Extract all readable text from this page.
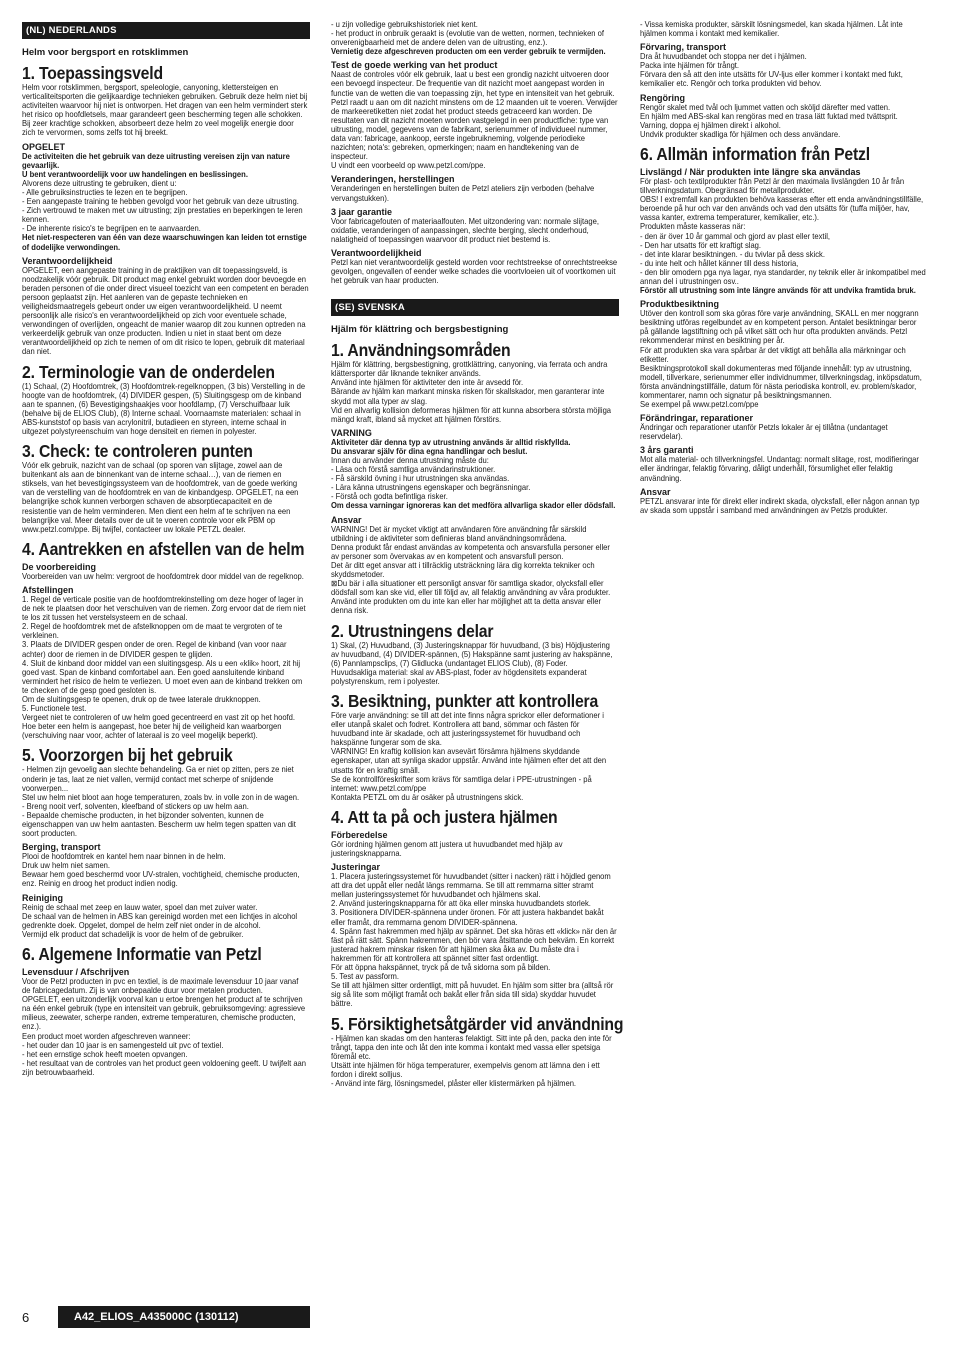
(NL) NEDERLANDS
Helm voor bergsport en rotsklimmen
1. Toepassingsveld

Helm voor rotsklimmen, bergsport, speleologie, canyoning, klettersteigen en verticaliteitsporten die gelijkaardige technieken gebruiken. Gebruik deze helm niet bij activiteiten waarvoor hij niet is ontworpen. Het dragen van een helm vermindert sterk het risico op hoofdletsels, maar garandeert geen bescherming tegen alle schokken. Bij zeer krachtige schokken, absorbeert deze helm zo veel mogelijk energie door zich te vervormen, soms zelfs tot hij breekt.

OPGELET

De activiteiten die het gebruik van deze uitrusting vereisen zijn van nature gevaarlijk.

U bent verantwoordelijk voor uw handelingen en beslissingen.

Alvorens deze uitrusting te gebruiken, dient u:
- Alle gebruiksinstructies te lezen en te begrijpen.
- Een aangepaste training te hebben gevolgd voor het gebruik van deze uitrusting.
- Zich vertrouwd te maken met uw uitrusting; zijn prestaties en beperkingen te leren kennen.
- De inherente risico's te begrijpen en te aanvaarden.

Het niet-respecteren van één van deze waarschuwingen kan leiden tot ernstige of dodelijke verwondingen.

Verantwoordelijkheid

OPGELET, een aangepaste training in de praktijken van dit toepassingsveld, is noodzakelijk vóór gebruik. Dit product mag enkel gebruikt worden door bevoegde en beraden personen of die onder direct visueel toezicht van een competent en beraden persoon geplaatst zijn. Het aanleren van de gepaste technieken en veiligheidsmaatregels gebeurt onder uw eigen verantwoordelijkheid. U neemt persoonlijk alle risico's en verantwoordelijkheid op zich voor eventuele schade, verwondingen of overlijden, ongeacht de manier waarop dit zou kunnen optreden na verkeerdelijk gebruik van onze producten. Indien u niet in staat bent om deze verantwoordelijkheid op zich te nemen of om dit risico te lopen, gebruik dit materiaal dan niet.

2. Terminologie van de onderdelen

(1) Schaal, (2) Hoofdomtrek, (3) Hoofdomtrek-regelknoppen, (3 bis) Verstelling in de hoogte van de hoofdomtrek, (4) DIVIDER gespen, (5) Sluitingsgesp om de kinband aan te spannen, (6) Bevestigingshaakjes voor hoofdlamp, (7) Verschuifbaar luik (behalve bij de ELIOS Club), (8) Interne schaal. Voornaamste materialen: schaal in ABS-kunststof op basis van acrylonitril, butadieen en styreen, interne schaal in uitgezet polystyreenschuim van hoge densiteit en riemen in polyester.

3. Check: te controleren punten

Vóór elk gebruik, nazicht van de schaal (op sporen van slijtage, zowel aan de buitenkant als aan de binnenkant van de interne schaal…), van de riemen en stiksels, van het bevestigingssysteem van de hoofdomtrek, van de goede werking van de verstelling van de hoofdomtrek en van de kinbandgesp. OPGELET, na een belangrijke schok kunnen verborgen schaven de absorptiecapaciteit en de resistentie van de helm verminderen. Men dient een helm af te schrijven na een belangrijke val. Meer details over de uit te voeren controle voor elk PBM op www.petzl.com/ppe. Bij twijfel, contacteer uw lokale PETZL dealer.

4. Aantrekken en afstellen van de helm
De voorbereiding

Voorbereiden van uw helm: vergroot de hoofdomtrek door middel van de regelknop.

Afstellingen

1. Regel de verticale positie van de hoofdomtrekinstelling om deze hoger of lager in de nek te plaatsen door het verschuiven van de riemen. Zorg ervoor dat de riem niet te los zit tussen het verstelsysteem en de schaal.
2. Regel de hoofdomtrek met de afstelknoppen om de maat te vergroten of te verkleinen.
3. Plaats de DIVIDER gespen onder de oren. Regel de kinband (van voor naar achter) door de riemen in de DIVIDER gespen te glijden.
4. Sluit de kinband door middel van een sluitingsgesp. Als u een «klik» hoort, zit hij goed vast. Span de kinband comfortabel aan. Een goed aansluitende kinband vermindert het risico de helm te verliezen. U moet even aan de kinband trekken om te checken of de gesp goed gesloten is.
Om de sluitingsgesp te openen, druk op de twee laterale drukknoppen.
5. Functionele test.
Vergeet niet te controleren of uw helm goed gecentreerd en vast zit op het hoofd. Hoe beter een helm is aangepast, hoe beter hij de veiligheid kan waarborgen (verschuiving naar voor, achter of lateraal is zo veel mogelijk beperkt).

5. Voorzorgen bij het gebruik

- Helmen zijn gevoelig aan slechte behandeling. Ga er niet op zitten, pers ze niet onderin je tas, laat ze niet vallen, vermijd contact met scherpe of snijdende voorwerpen...
Stel uw helm niet bloot aan hoge temperaturen, zoals bv. in volle zon in de wagen.
- Breng nooit verf, solventen, kleefband of stickers op uw helm aan.
- Bepaalde chemische producten, in het bijzonder solventen, kunnen de eigenschappen van uw helm aantasten. Bescherm uw helm tegen spatten van dit soort producten.

Berging, transport

Plooi de hoofdomtrek en kantel hem naar binnen in de helm.
Druk uw helm niet samen.
Bewaar hem goed beschermd voor UV-stralen, vochtigheid, chemische producten, enz. Reinig en droog het product indien nodig.

Reiniging

Reinig de schaal met zeep en lauw water, spoel dan met zuiver water.
De schaal van de helmen in ABS kan gereinigd worden met een lichtjes in alcohol gedrenkte doek. Opgelet, dompel de helm zelf niet onder in de alcohol.
Vermijd elk product dat schadelijk is voor de helm of de gebruiker.

6. Algemene Informatie van Petzl
Levensduur / Afschrijven

Voor de Petzl producten in pvc en textiel, is de maximale levensduur 10 jaar vanaf de fabricagedatum. Zij is van onbepaalde duur voor metalen producten.
OPGELET, een uitzonderlijk voorval kan u ertoe brengen het product af te schrijven na één enkel gebruik (type en intensiteit van gebruik, gebruiksomgeving: agressieve milieus, zeewater, scherpe randen, extreme temperaturen, chemische producten, enz.).
Een product moet worden afgeschreven wanneer:
- het ouder dan 10 jaar is en samengesteld uit pvc of textiel.
- het een ernstige schok heeft moeten opvangen.
- het resultaat van de controles van het product geen voldoening geeft. U twijfelt aan zijn betrouwbaarheid.

- u zijn volledige gebruikshistoriek niet kent.
- het product in onbruik geraakt is (evolutie van de wetten, normen, technieken of onverenigbaarheid met de andere delen van de uitrusting, enz.).

Vernietig deze afgeschreven producten om een verder gebruik te vermijden.

Test de goede werking van het product

Naast de controles vóór elk gebruik, laat u best een grondig nazicht uitvoeren door een bevoegd inspecteur. De frequentie van dit nazicht moet aangepast worden in functie van de wetten die van toepassing zijn, het type en intensiteit van het gebruik. Petzl raadt u aan om dit nazicht minstens om de 12 maanden uit te voeren. Verwijder de markeeretiketten niet zodat het product steeds getraceerd kan worden. De resultaten van dit nazicht moeten worden vastgelegd in een productfiche: type van uitrusting, model, gegevens van de fabrikant, serienummer of individueel nummer, data van: fabricage, aankoop, eerste ingebruikneming, volgende periodieke nazichten; nota's: gebreken, opmerkingen; naam en handtekening van de inspecteur.
U vindt een voorbeeld op www.petzl.com/ppe.

Veranderingen, herstellingen

Veranderingen en herstellingen buiten de Petzl ateliers zijn verboden (behalve vervangstukken).

3 jaar garantie

Voor fabricagefouten of materiaalfouten. Met uitzondering van: normale slijtage, oxidatie, veranderingen of aanpassingen, slechte berging, slecht onderhoud, nalatigheid of toepassingen waarvoor dit product niet bestemd is.

Verantwoordelijkheid

Petzl kan niet verantwoordelijk gesteld worden voor rechtstreekse of onrechtstreekse gevolgen, ongevallen of eender welke schades die voortvloeien uit of voortkomen uit het gebruik van haar producten.

(SE) SVENSKA
Hjälm för klättring och bergsbestigning
1. Användningsområden

Hjälm för klättring, bergsbestigning, grottklättring, canyoning, via ferrata och andra klättersporter där liknande tekniker används.
Använd inte hjälmen för aktiviteter den inte är avsedd för.
Bärande av hjälm kan markant minska risken för skallskador, men garanterar inte skydd mot alla typer av slag.
Vid en allvarlig kollision deformeras hjälmen för att kunna absorbera största möjliga mängd kraft, ibland så mycket att hjälmen förstörs.

VARNING

Aktiviteter där denna typ av utrustning används är alltid riskfyllda.
Du ansvarar själv för dina egna handlingar och beslut.

Innan du använder denna utrustning måste du:
- Läsa och förstå samtliga användarinstruktioner.
- Få särskild övning i hur utrustningen ska användas.
- Lära känna utrustningens egenskaper och begränsningar.
- Förstå och godta befintliga risker.

Om dessa varningar ignoreras kan det medföra allvarliga skador eller dödsfall.

Ansvar

VARNING! Det är mycket viktigt att användaren före användning får särskild utbildning i de aktiviteter som definieras bland användningsområdena.
Denna produkt får endast användas av kompetenta och ansvarsfulla personer eller av personer som övervakas av en kompetent och ansvarsfull person.
Det är ditt eget ansvar att i tillräcklig utsträckning lära dig korrekta tekniker och skyddsmetoder.
⊠Du bär i alla situationer ett personligt ansvar för samtliga skador, olycksfall eller dödsfall som kan ske vid, eller till följd av, all felaktig användning av våra produkter. Använd inte produkten om du inte kan eller har möjlighet att ta detta ansvar eller denna risk.

2. Utrustningens delar

1) Skal, (2) Huvudband, (3) Justeringsknappar för huvudband, (3 bis) Höjdjustering av huvudband, (4) DIVIDER-spännen, (5) Hakspänne samt justering av hakspänne, (6) Pannlampsclips, (7) Glidlucka (undantaget ELIOS Club), (8) Foder.
Huvudsakliga material: skal av ABS-plast, foder av högdensitets expanderat polystyrenskum, rem i polyester.

3. Besiktning, punkter att kontrollera

Före varje användning: se till att det inte finns några sprickor eller deformationer i eller utanpå skalet och fodret. Kontrollera att band, sömmar och fästen för huvudband inte är skadade, och att justeringssystemet för huvudband och hakspänne fungerar som de ska.
VARNING! En kraftig kollision kan avsevärt försämra hjälmens skyddande egenskaper, utan att synliga skador uppstår. Använd inte hjälmen efter det att den utsatts för en kraftig smäll.
Se de kontrollföreskrifter som krävs för samtliga delar i PPE-utrustningen - på internet: www.petzl.com/ppe
Kontakta PETZL om du är osäker på utrustningens skick.

4. Att ta på och justera hjälmen
Förberedelse

Gör iordning hjälmen genom att justera ut huvudbandet med hjälp av justeringsknapparna.

Justeringar

1. Placera justeringssystemet för huvudbandet (sitter i nacken) rätt i höjdled genom att dra det uppåt eller nedåt längs remmarna. Se till att remmarna sitter stramt mellan justeringssystemet för huvudbandet och hjälmens skal.
2. Använd justeringsknapparna för att öka eller minska huvudbandets storlek.
3. Positionera DIVIDER-spännena under öronen. För att justera hakbandet bakåt eller framåt, dra remmarna genom DIVIDER-spännena.
4. Spänn fast hakremmen med hjälp av spännet. Det ska höras ett «klick» när den är fäst på rätt sätt. Spänn hakremmen, den bör vara åtsittande och bekväm. En korrekt justerad hakrem minskar risken för att hjälmen ska åka av. Du måste dra i hakremmen för att kontrollera att spännet sitter fast ordentligt.
För att öppna hakspännet, tryck på de två sidorna som på bilden.
5. Test av passform.
Se till att hjälmen sitter ordentligt, mitt på huvudet. En hjälm som sitter bra (alltså rör sig så lite som möjligt framåt och bakåt eller från sida till sida) skyddar huvudet bättre.

5. Försiktighetsåtgärder vid användning

- Hjälmen kan skadas om den hanteras felaktigt. Sitt inte på den, packa den inte för trångt, tappa den inte och låt den inte komma i kontakt med vassa eller spetsiga föremål etc.
Utsätt inte hjälmen för höga temperaturer, exempelvis genom att lämna den i ett fordon i direkt solljus.
- Använd inte färg, lösningsmedel, plåster eller klistermärken på hjälmen.

- Vissa kemiska produkter, särskilt lösningsmedel, kan skada hjälmen. Låt inte hjälmen komma i kontakt med kemikalier.

Förvaring, transport

Dra åt huvudbandet och stoppa ner det i hjälmen.
Packa inte hjälmen för trångt.
Förvara den så att den inte utsätts för UV-ljus eller kommer i kontakt med fukt, kemikalier etc. Rengör och torka produkten vid behov.

Rengöring

Rengör skalet med tvål och ljummet vatten och sköljd därefter med vatten.
En hjälm med ABS-skal kan rengöras med en trasa lätt fuktad med tvättsprit. Varning, doppa ej hjälmen direkt i alkohol.
Undvik produkter skadliga för hjälmen och dess användare.

6. Allmän information från Petzl
Livslängd / När produkten inte längre ska användas

För plast- och textilprodukter från Petzl är den maximala livslängden 10 år från tillverkningsdatum. Obegränsad för metallprodukter.
OBS! I extremfall kan produkten behöva kasseras efter ett enda användningstillfälle, beroende på hur och var den används och vad den utsätts för (tuffa miljöer, hav, vassa kanter, extrema temperaturer, kemikalier, etc.).
Produkten måste kasseras när:
- den är över 10 år gammal och gjord av plast eller textil,
- Den har utsatts för ett kraftigt slag.
- det inte klarar besiktningen. - du tvivlar på dess skick.
- du inte helt och hållet känner till dess historia,
- den blir omodern pga nya lagar, nya standarder, ny teknik eller är inkompatibel med annan del i utrustningen osv..

Förstör all utrustning som inte längre används för att undvika framtida bruk.

Produktbesiktning

Utöver den kontroll som ska göras före varje användning, SKALL en mer noggrann besiktning utföras regelbundet av en kompetent person. Antalet besiktningar beror på gällande lagstiftning och på vilket sätt och hur ofta produkten används. Petzl rekommenderar minst en besiktning per år.
För att produkten ska vara spårbar är det viktigt att behålla alla märkningar och etiketter.
Besiktningsprotokoll skall dokumenteras med följande innehåll: typ av utrustning, modell, tillverkare, serienummer eller individnummer, tillverkningsdag, inköpsdatum, första användningstillfälle, datum för nästa periodiska kontroll, ev. problem/skador, kommentarer, namn och signatur på besiktningsmannen.
Se exempel på www.petzl.com/ppe

Förändringar, reparationer

Ändringar och reparationer utanför Petzls lokaler är ej tillåtna (undantaget reservdelar).

3 års garanti

Mot alla material- och tillverkningsfel. Undantag: normalt slitage, rost, modifieringar eller ändringar, felaktig förvaring, dåligt underhåll, försumlighet eller felaktig användning.

Ansvar

PETZL ansvarar inte för direkt eller indirekt skada, olycksfall, eller någon annan typ av skada som uppstår i samband med användningen av Petzls produkter.

6	A42_ELIOS_A435000C (130112)
